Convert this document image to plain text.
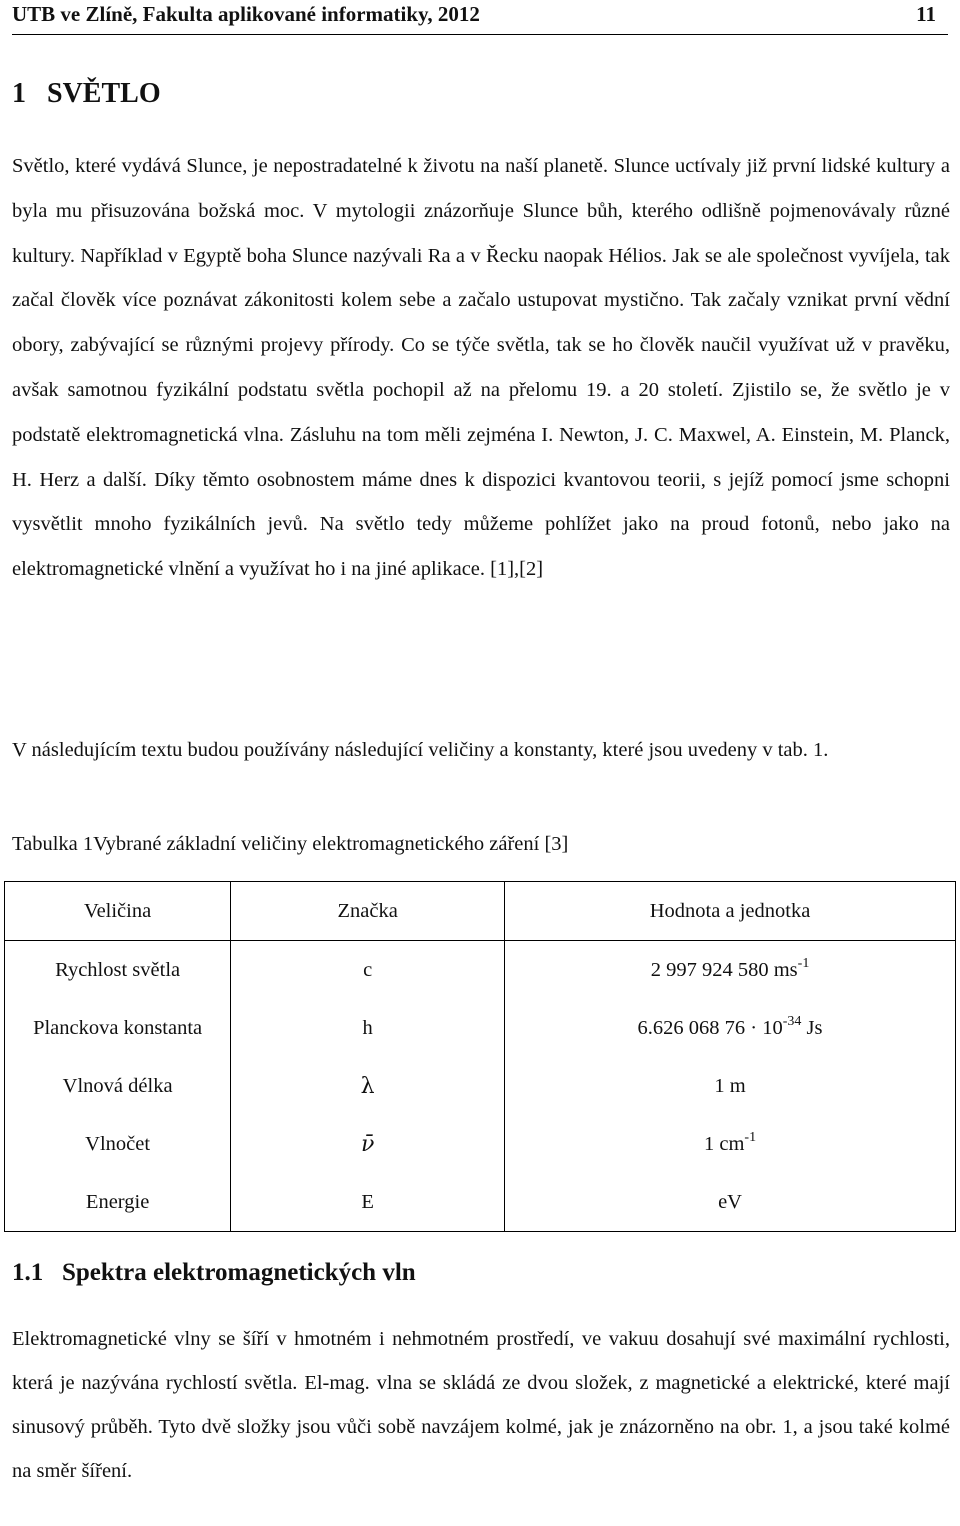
UTB ve Zlíně, Fakulta aplikované informatiky, 2012	11
1 SVĚTLO

Světlo, které vydává Slunce, je nepostradatelné k životu na naší planetě. Slunce uctívaly již první lidské kultury a byla mu přisuzována božská moc. V mytologii znázorňuje Slunce bůh, kterého odlišně pojmenovávaly různé kultury. Například v Egyptě boha Slunce nazývali Ra a v Řecku naopak Hélios. Jak se ale společnost vyvíjela, tak začal člověk více poznávat zákonitosti kolem sebe a začalo ustupovat mystično. Tak začaly vznikat první vědní obory, zabývající se různými projevy přírody. Co se týče světla, tak se ho člověk naučil využívat už v pravěku, avšak samotnou fyzikální podstatu světla pochopil až na přelomu 19. a 20 století. Zjistilo se, že světlo je v podstatě elektromagnetická vlna. Zásluhu na tom měli zejména I. Newton, J. C. Maxwel, A. Einstein, M. Planck, H. Herz a další. Díky těmto osobnostem máme dnes k dispozici kvantovou teorii, s jejíž pomocí jsme schopni vysvětlit mnoho fyzikálních jevů. Na světlo tedy můžeme pohlížet jako na proud fotonů, nebo jako na elektromagnetické vlnění a využívat ho i na jiné aplikace. [1],[2]

V následujícím textu budou používány následující veličiny a konstanty, které jsou uvedeny v tab. 1.

Tabulka 1Vybrané základní veličiny elektromagnetického záření [3]
Veličina	Značka	Hodnota a jednotka
Rychlost světla	c	2 997 924 580 $ms^{-1}$
Planckova konstanta	h	6.626 068 $76 \cdot 10^{-34}$ Js
Vlnová délka	λ	1 m
Vlnočet	ν̄	1 $cm^{-1}$
Energie	E	eV
1.1 Spektra elektromagnetických vln

Elektromagnetické vlny se šíří v hmotném i nehmotném prostředí, ve vakuu dosahují své maximální rychlosti, která je nazývána rychlostí světla. El-mag. vlna se skládá ze dvou složek, z magnetické a elektrické, které mají sinusový průběh. Tyto dvě složky jsou vůči sobě navzájem kolmé, jak je znázorněno na obr. 1, a jsou také kolmé na směr šíření.
